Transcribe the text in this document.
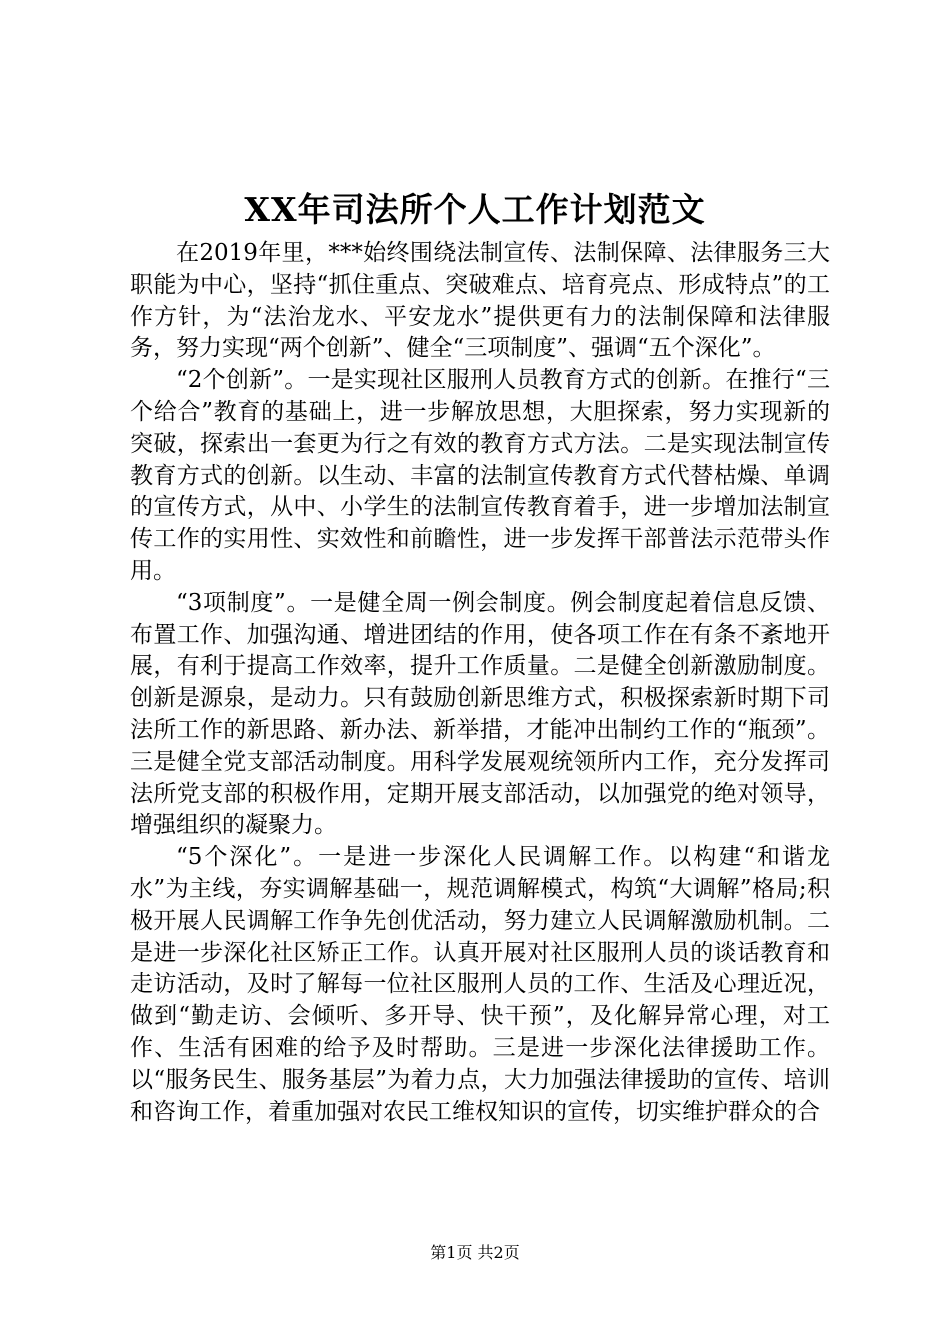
XX年司法所个人工作计划范文

在2019年里，***始终围绕法制宣传、法制保障、法律服务三大职能为中心，坚持“抓住重点、突破难点、培育亮点、形成特点”的工作方针，为“法治龙水、平安龙水”提供更有力的法制保障和法律服务，努力实现“两个创新”、健全“三项制度”、强调“五个深化”。

“2个创新”。一是实现社区服刑人员教育方式的创新。在推行“三个给合”教育的基础上，进一步解放思想，大胆探索，努力实现新的突破，探索出一套更为行之有效的教育方式方法。二是实现法制宣传教育方式的创新。以生动、丰富的法制宣传教育方式代替枯燥、单调的宣传方式，从中、小学生的法制宣传教育着手，进一步增加法制宣传工作的实用性、实效性和前瞻性，进一步发挥干部普法示范带头作用。

“3项制度”。一是健全周一例会制度。例会制度起着信息反馈、布置工作、加强沟通、增进团结的作用，使各项工作在有条不紊地开展，有利于提高工作效率，提升工作质量。二是健全创新激励制度。创新是源泉，是动力。只有鼓励创新思维方式，积极探索新时期下司法所工作的新思路、新办法、新举措，才能冲出制约工作的“瓶颈”。三是健全党支部活动制度。用科学发展观统领所内工作，充分发挥司法所党支部的积极作用，定期开展支部活动，以加强党的绝对领导，增强组织的凝聚力。

“5个深化”。一是进一步深化人民调解工作。以构建“和谐龙水”为主线，夯实调解基础一，规范调解模式，构筑“大调解”格局;积极开展人民调解工作争先创优活动，努力建立人民调解激励机制。二是进一步深化社区矫正工作。认真开展对社区服刑人员的谈话教育和走访活动，及时了解每一位社区服刑人员的工作、生活及心理近况，做到“勤走访、会倾听、多开导、快干预”，及化解异常心理，对工作、生活有困难的给予及时帮助。三是进一步深化法律援助工作。以“服务民生、服务基层”为着力点，大力加强法律援助的宣传、培训和咨询工作，着重加强对农民工维权知识的宣传，切实维护群众的合

第1页 共2页
